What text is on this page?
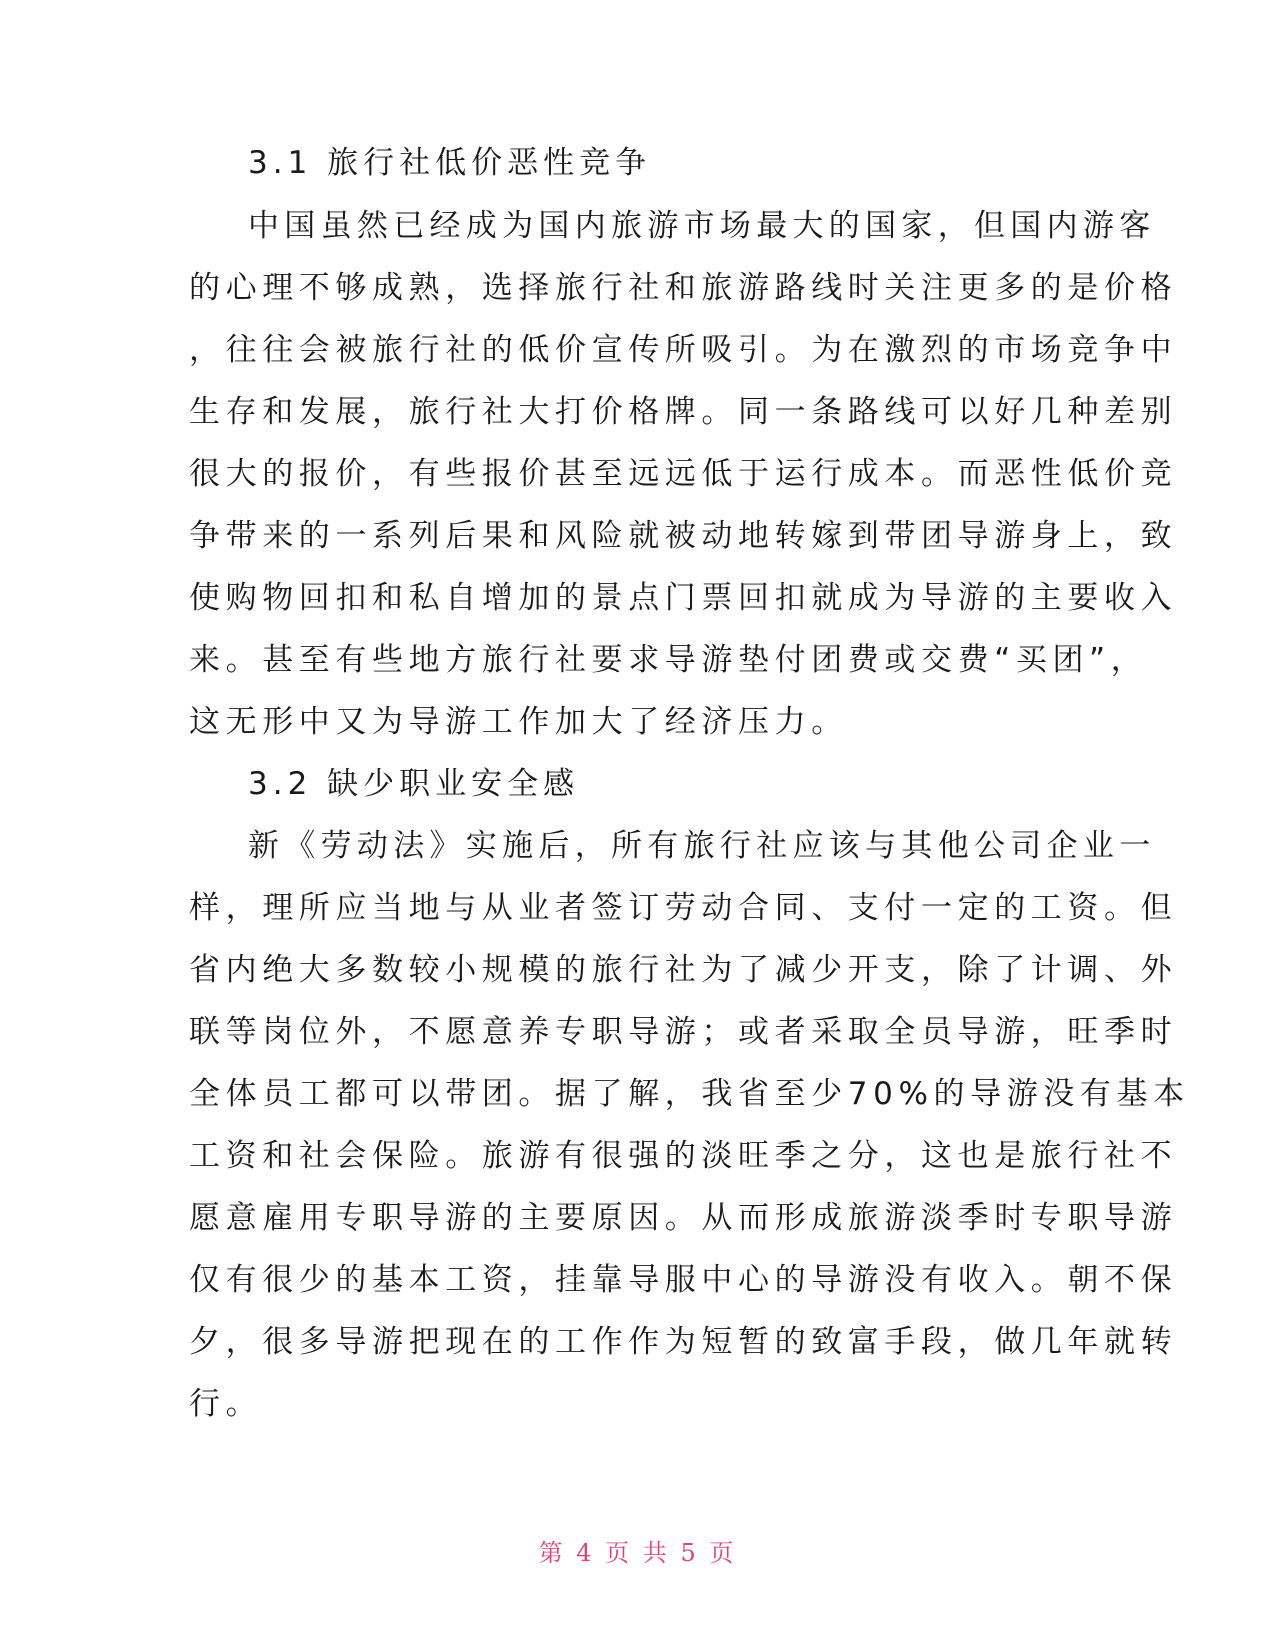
3.1 旅行社低价恶性竞争
中国虽然已经成为国内旅游市场最大的国家，但国内游客
的心理不够成熟，选择旅行社和旅游路线时关注更多的是价格
，往往会被旅行社的低价宣传所吸引。为在激烈的市场竞争中
生存和发展，旅行社大打价格牌。同一条路线可以好几种差别
很大的报价，有些报价甚至远远低于运行成本。而恶性低价竞
争带来的一系列后果和风险就被动地转嫁到带团导游身上，致
使购物回扣和私自增加的景点门票回扣就成为导游的主要收入
来。甚至有些地方旅行社要求导游垫付团费或交费“买团”，
这无形中又为导游工作加大了经济压力。
3.2 缺少职业安全感
新《劳动法》实施后，所有旅行社应该与其他公司企业一
样，理所应当地与从业者签订劳动合同、支付一定的工资。但
省内绝大多数较小规模的旅行社为了减少开支，除了计调、外
联等岗位外，不愿意养专职导游；或者采取全员导游，旺季时
全体员工都可以带团。据了解，我省至少70%的导游没有基本
工资和社会保险。旅游有很强的淡旺季之分，这也是旅行社不
愿意雇用专职导游的主要原因。从而形成旅游淡季时专职导游
仅有很少的基本工资，挂靠导服中心的导游没有收入。朝不保
夕，很多导游把现在的工作作为短暂的致富手段，做几年就转
行。
第 4 页 共 5 页
